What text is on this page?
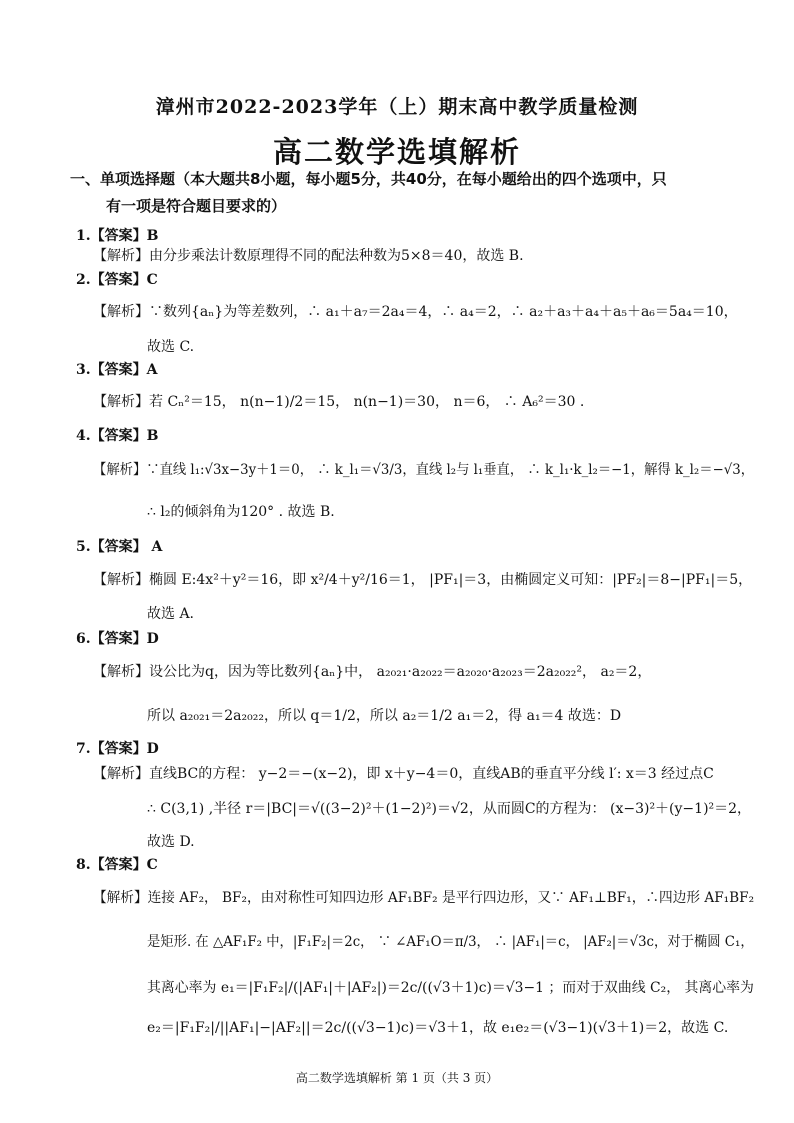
漳州市2022-2023学年（上）期末高中教学质量检测
高二数学选填解析
一、单项选择题（本大题共8小题，每小题5分，共40分，在每小题给出的四个选项中，只
有一项是符合题目要求的）
1.【答案】B
【解析】由分步乘法计数原理得不同的配法种数为5×8＝40，故选 B.
2.【答案】C
【解析】∵数列{aₙ}为等差数列，∴ a₁＋a₇＝2a₄＝4，∴ a₄＝2，∴ a₂＋a₃＋a₄＋a₅＋a₆＝5a₄＝10，
故选 C.
3.【答案】A
【解析】若 Cₙ²＝15， n(n−1)/2＝15， n(n−1)＝30， n＝6， ∴ A₆²＝30 .
4.【答案】B
【解析】∵直线 l₁:√3x−3y＋1＝0， ∴ k_l₁＝√3/3，直线 l₂与 l₁垂直， ∴ k_l₁·k_l₂＝−1，解得 k_l₂＝−√3，
∴ l₂的倾斜角为120° . 故选 B.
5.【答案】 A
【解析】椭圆 E:4x²＋y²＝16，即 x²/4＋y²/16＝1， |PF₁|＝3，由椭圆定义可知：|PF₂|＝8−|PF₁|＝5，
故选 A.
6.【答案】D
【解析】设公比为q，因为等比数列{aₙ}中， a₂₀₂₁·a₂₀₂₂＝a₂₀₂₀·a₂₀₂₃＝2a₂₀₂₂²， a₂＝2，
所以 a₂₀₂₁＝2a₂₀₂₂，所以 q＝1/2，所以 a₂＝1/2 a₁＝2，得 a₁＝4 故选：D
7.【答案】D
【解析】直线BC的方程： y−2＝−(x−2)，即 x＋y−4＝0，直线AB的垂直平分线 l′: x＝3 经过点C
∴ C(3,1) ,半径 r＝|BC|＝√((3−2)²＋(1−2)²)＝√2，从而圆C的方程为： (x−3)²＋(y−1)²＝2，
故选 D.
8.【答案】C
【解析】连接 AF₂， BF₂，由对称性可知四边形 AF₁BF₂ 是平行四边形，又∵ AF₁⊥BF₁，∴四边形 AF₁BF₂
是矩形. 在 △AF₁F₂ 中，|F₁F₂|＝2c， ∵ ∠AF₁O＝π/3， ∴ |AF₁|＝c， |AF₂|＝√3c，对于椭圆 C₁，
其离心率为 e₁＝|F₁F₂|/(|AF₁|＋|AF₂|)＝2c/((√3＋1)c)＝√3−1 ；而对于双曲线 C₂， 其离心率为
e₂＝|F₁F₂|/||AF₁|−|AF₂||＝2c/((√3−1)c)＝√3＋1，故 e₁e₂＝(√3−1)(√3＋1)＝2，故选 C.
高二数学选填解析 第 1 页（共 3 页）
